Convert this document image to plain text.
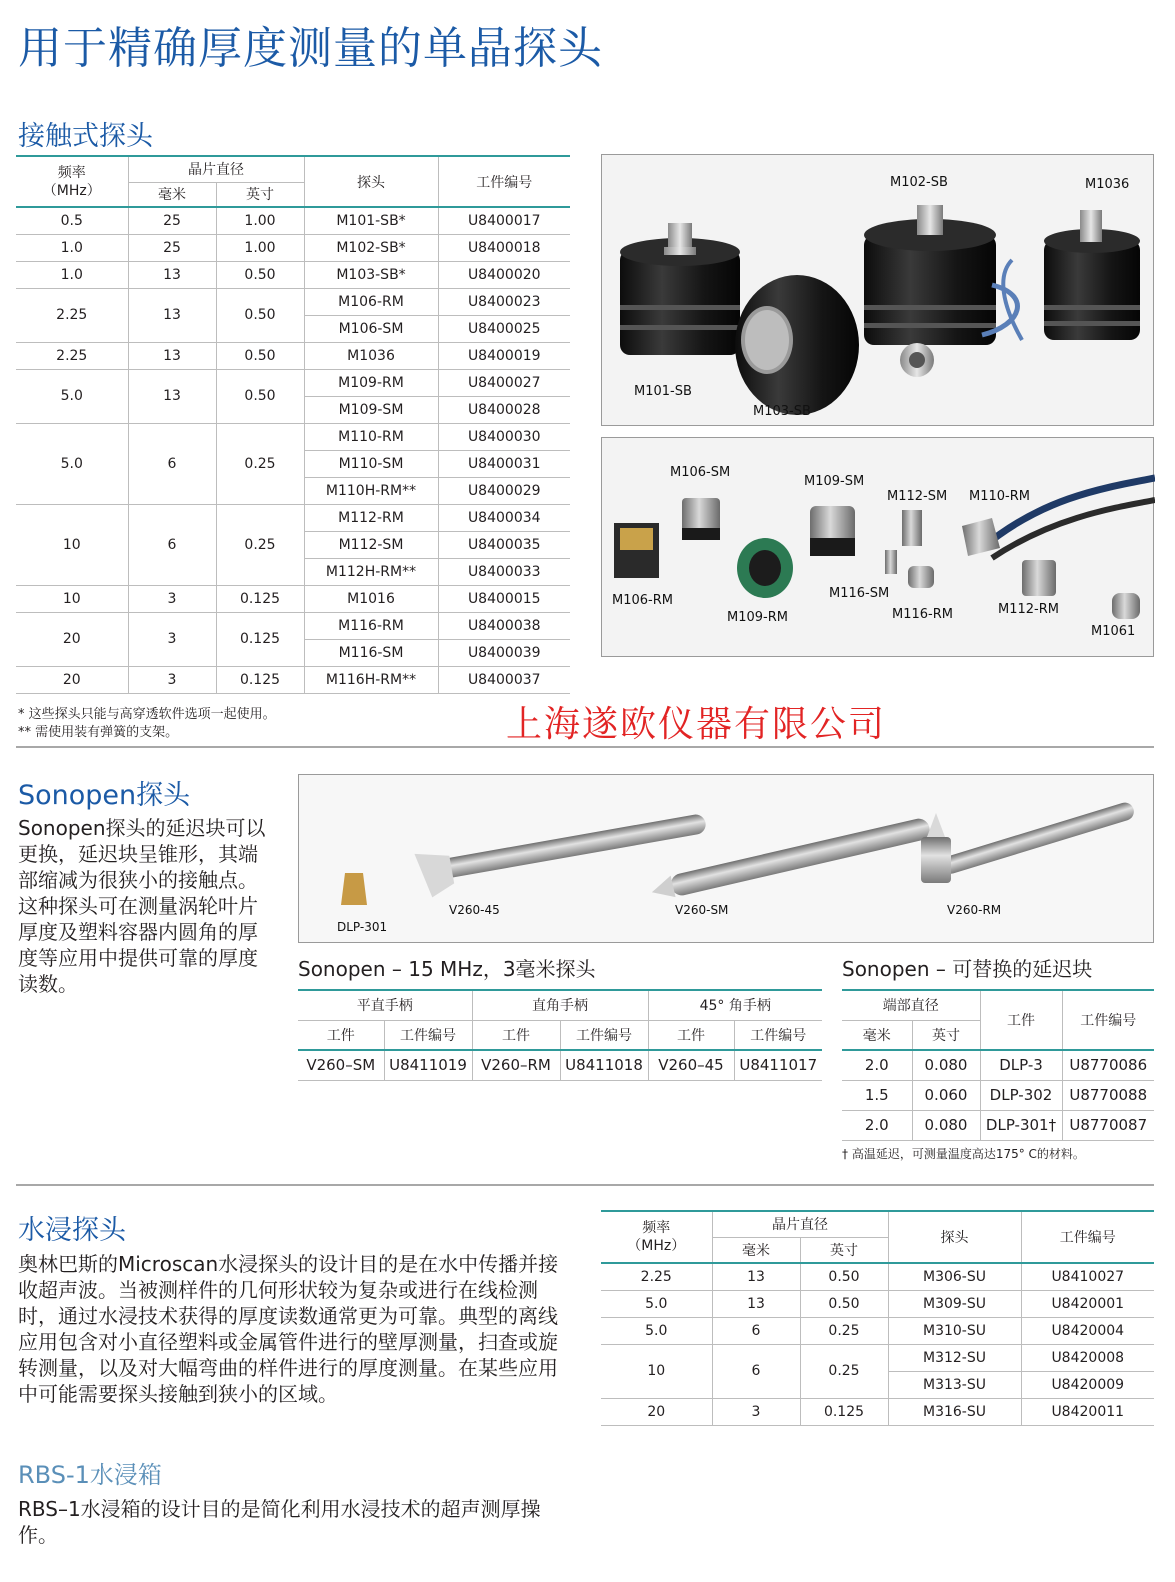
用于精确厚度测量的单晶探头
接触式探头
频率
（MHz）	晶片直径		探头	工件编号
	毫米	英寸		
0.5	25	1.00	M101-SB*	U8400017
1.0	25	1.00	M102-SB*	U8400018
1.0	13	0.50	M103-SB*	U8400020
2.25	13	0.50	M106-RM	U8400023
			M106-SM	U8400025
2.25	13	0.50	M1036	U8400019
5.0	13	0.50	M109-RM	U8400027
			M109-SM	U8400028
5.0	6	0.25	M110-RM	U8400030
			M110-SM	U8400031
			M110H-RM**	U8400029
10	6	0.25	M112-RM	U8400034
			M112-SM	U8400035
			M112H-RM**	U8400033
10	3	0.125	M1016	U8400015
20	3	0.125	M116-RM	U8400038
			M116-SM	U8400039
20	3	0.125	M116H-RM**	U8400037
* 这些探头只能与高穿透软件选项一起使用。
** 需使用装有弹簧的支架。
M102-SB	M1036
M101-SB
M103-SB
M106-SM
M109-SM
M112-SM M110-RM
M106-RM
M109-RM
M116-SM
M116-RM	M112-RM
M1061
上海遂欧仪器有限公司
Sonopen探头
Sonopen探头的延迟块可以更换，延迟块呈锥形，其端部缩减为很狭小的接触点。这种探头可在测量涡轮叶片厚度及塑料容器内圆角的厚度等应用中提供可靠的厚度读数。
DLP-301
V260-45	V260-SM	V260-RM
Sonopen – 15 MHz，3毫米探头
平直手柄		直角手柄		45° 角手柄	
工件	工件编号	工件	工件编号	工件	工件编号
V260–SM	U8411019	V260–RM	U8411018	V260–45	U8411017
Sonopen – 可替换的延迟块
端部直径		工件	工件编号
毫米	英寸		
2.0	0.080	DLP-3	U8770086
1.5	0.060	DLP-302	U8770088
2.0	0.080	DLP-301†	U8770087
† 高温延迟，可测量温度高达175° C的材料。
水浸探头
奥林巴斯的Microscan水浸探头的设计目的是在水中传播并接收超声波。当被测样件的几何形状较为复杂或进行在线检测时，通过水浸技术获得的厚度读数通常更为可靠。典型的离线应用包含对小直径塑料或金属管件进行的壁厚测量，扫查或旋转测量，以及对大幅弯曲的样件进行的厚度测量。在某些应用中可能需要探头接触到狭小的区域。
频率
（MHz）	晶片直径		探头	工件编号
	毫米	英寸		
2.25	13	0.50	M306-SU	U8410027
5.0	13	0.50	M309-SU	U8420001
5.0	6	0.25	M310-SU	U8420004
10	6	0.25	M312-SU	U8420008
			M313-SU	U8420009
20	3	0.125	M316-SU	U8420011
RBS-1水浸箱
RBS–1水浸箱的设计目的是简化利用水浸技术的超声测厚操作。
